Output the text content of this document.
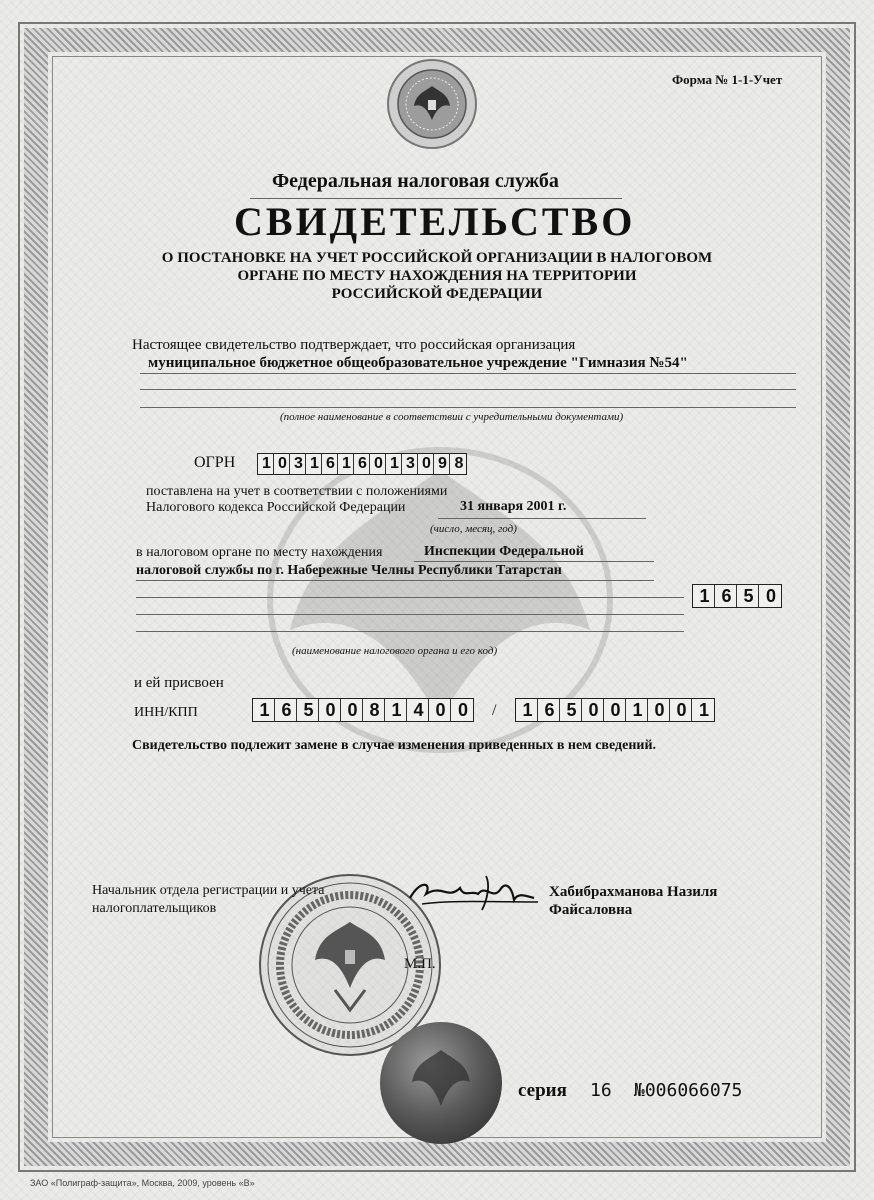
Форма № 1-1-Учет
Федеральная налоговая служба
СВИДЕТЕЛЬСТВО
О ПОСТАНОВКЕ НА УЧЕТ РОССИЙСКОЙ ОРГАНИЗАЦИИ В НАЛОГОВОМ
ОРГАНЕ ПО МЕСТУ НАХОЖДЕНИЯ НА ТЕРРИТОРИИ
РОССИЙСКОЙ ФЕДЕРАЦИИ
Настоящее свидетельство подтверждает, что российская организация
муниципальное бюджетное общеобразовательное учреждение "Гимназия №54"
(полное наименование в соответствии с учредительными документами)
ОГРН 1 0 3 1 6 1 6 0 1 3 0 9 8
поставлена на учет в соответствии с положениями
Налогового кодекса Российской Федерации	31 января 2001 г.
(число, месяц, год)
в налоговом органе по месту нахождения	Инспекции Федеральной
налоговой службы по г. Набережные Челны Республики Татарстан
1 6 5 0
(наименование налогового органа и его код)
и ей присвоен
ИНН/КПП	1 6 5 0 0 8 1 4 0 0	/	1 6 5 0 0 1 0 0 1
Свидетельство подлежит замене в случае изменения приведенных в нем сведений.
Начальник отдела регистрации и учета
налогоплательщиков
Хабибрахманова Назиля
Файсаловна
М.П.
серия 16 №006066075
ЗАО «Полиграф-защита», Москва, 2009, уровень «В»
